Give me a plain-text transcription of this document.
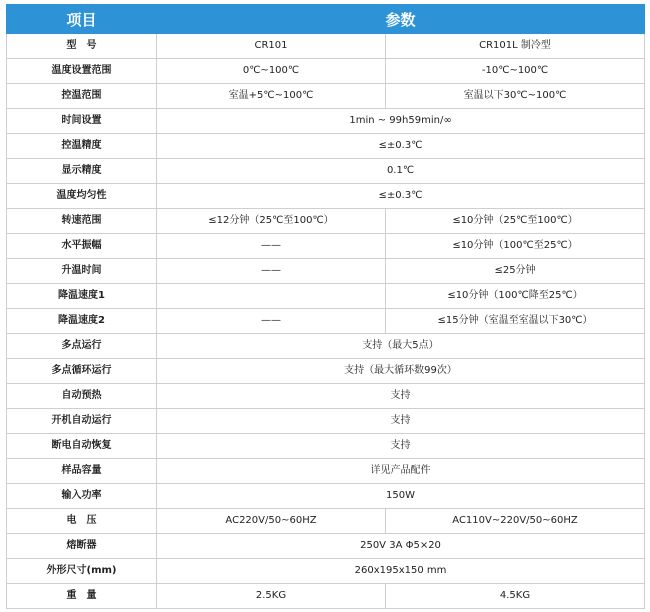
项目	参数	
型　号	CR101	CR101L 制冷型
温度设置范围	0℃~100℃	-10℃~100℃
控温范围	室温+5℃~100℃	室温以下30℃~100℃
时间设置	1min ~ 99h59min/∞	
控温精度	≤±0.3℃	
显示精度	0.1℃	
温度均匀性	≤±0.3℃	
转速范围	≤12分钟（25℃至100℃）	≤10分钟（25℃至100℃）
水平振幅	——	≤10分钟（100℃至25℃）
升温时间	——	≤25分钟
降温速度1		≤10分钟（100℃降至25℃）
降温速度2	——	≤15分钟（室温至室温以下30℃）
多点运行	支持（最大5点）	
多点循环运行	支持（最大循环数99次）	
自动预热	支持	
开机自动运行	支持	
断电自动恢复	支持	
样品容量	详见产品配件	
输入功率	150W	
电　压	AC220V/50~60HZ	AC110V~220V/50~60HZ
熔断器	250V 3A Φ5×20	
外形尺寸(mm)	260x195x150 mm	
重　量	2.5KG	4.5KG
